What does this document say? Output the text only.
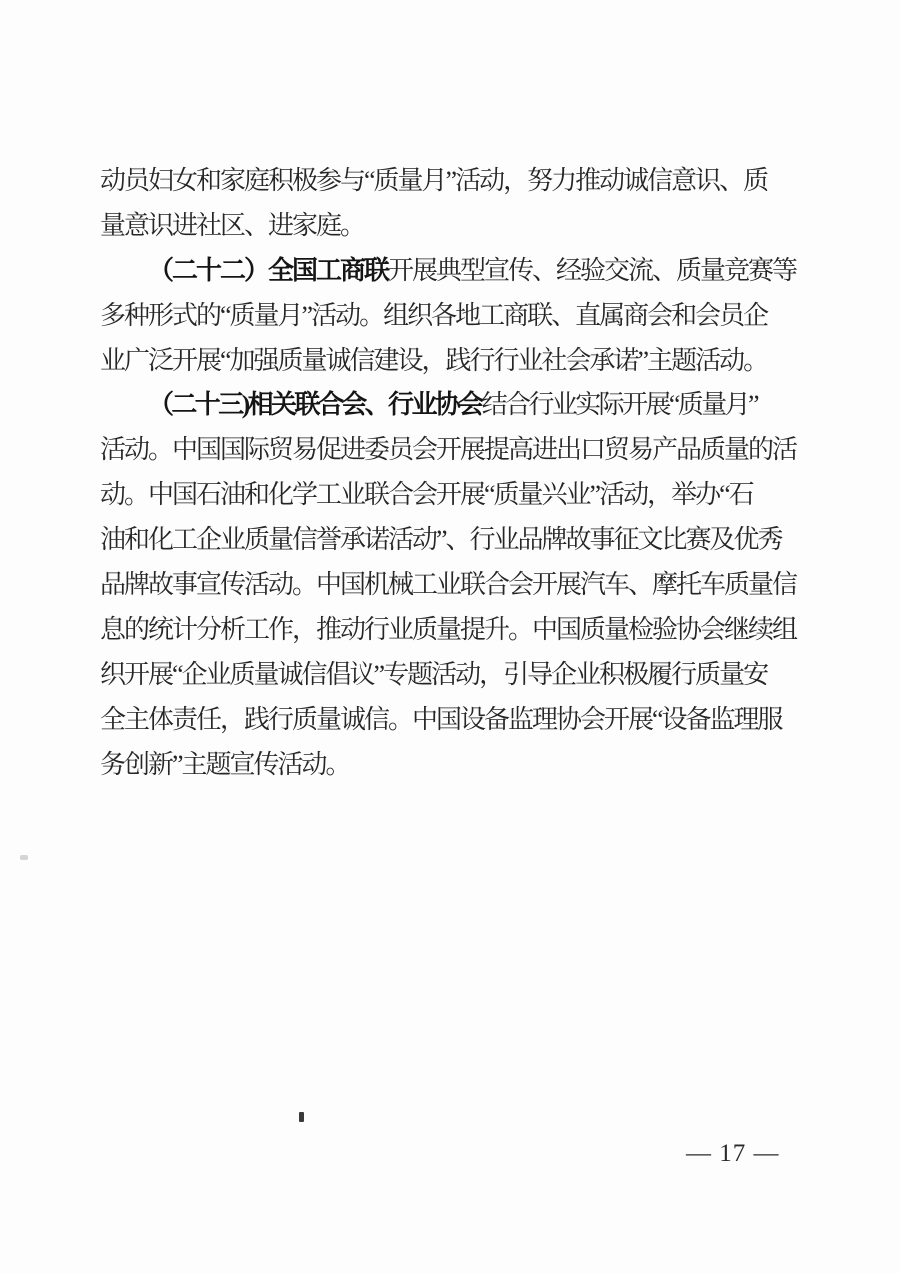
动员妇女和家庭积极参与“质量月”活动，努力推动诚信意识、质
量意识进社区、进家庭。
（二十二）全国工商联开展典型宣传、经验交流、质量竞赛等
多种形式的“质量月”活动。组织各地工商联、直属商会和会员企
业广泛开展“加强质量诚信建设，践行行业社会承诺”主题活动。
（二十三)相关联合会、行业协会结合行业实际开展“质量月”
活动。中国国际贸易促进委员会开展提高进出口贸易产品质量的活
动。中国石油和化学工业联合会开展“质量兴业”活动，举办“石
油和化工企业质量信誉承诺活动”、行业品牌故事征文比赛及优秀
品牌故事宣传活动。中国机械工业联合会开展汽车、摩托车质量信
息的统计分析工作，推动行业质量提升。中国质量检验协会继续组
织开展“企业质量诚信倡议”专题活动，引导企业积极履行质量安
全主体责任，践行质量诚信。中国设备监理协会开展“设备监理服
务创新”主题宣传活动。
— 17 —
